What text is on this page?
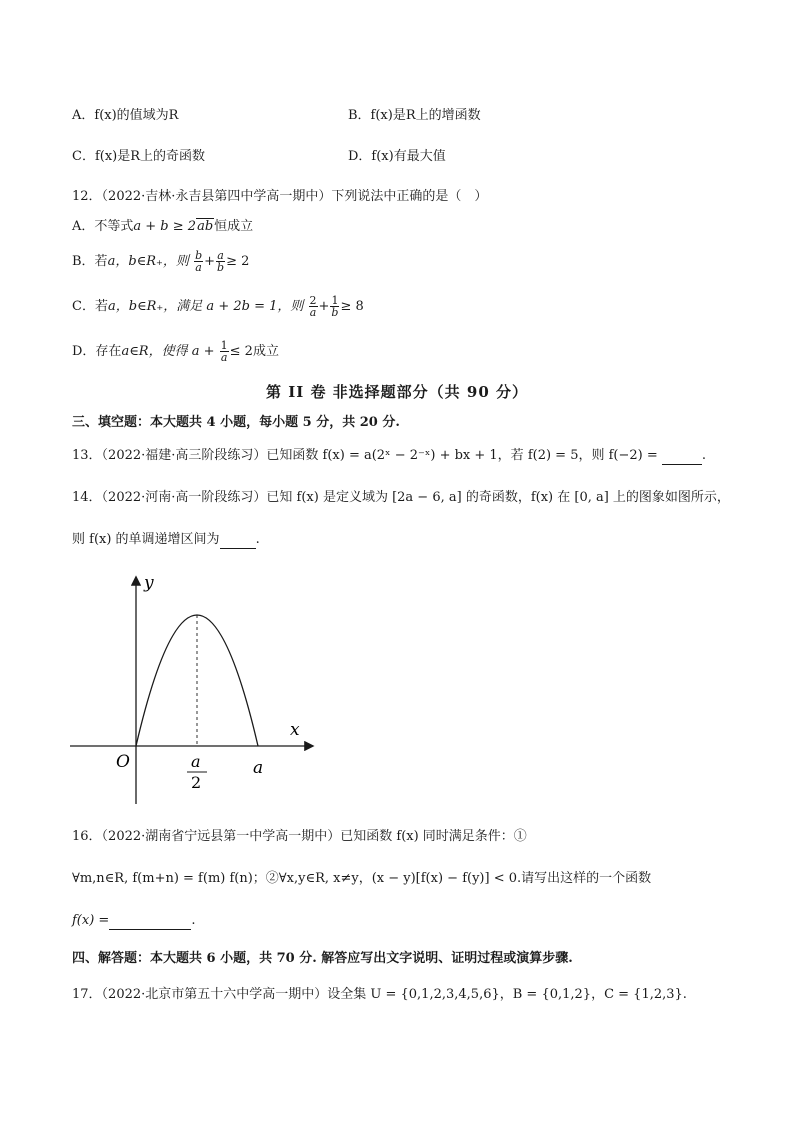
A．f(x)的值域为R	B．f(x)是R上的增函数
C．f(x)是R上的奇函数	D．f(x)有最大值
12．（2022·吉林·永吉县第四中学高一期中）下列说法中正确的是（　）
A．不等式a + b ≥ 2ab恒成立
B．若a，b∈R₊，则 $\frac{b}{a} + \frac{a}{b} \ge 2$
C．若a，b∈R₊，满足 a + 2b = 1，则 $\frac{2}{a} + \frac{1}{b} \ge 8$
D．存在a∈R，使得 $a + \frac{1}{a} \le 2$成立
第 II 卷 非选择题部分（共 90 分）
三、填空题：本大题共 4 小题，每小题 5 分，共 20 分.
13．（2022·福建·高三阶段练习）已知函数 f(x) = a(2ˣ − 2⁻ˣ) + bx + 1，若 f(2) = 5，则 f(−2) =	.
14．（2022·河南·高一阶段练习）已知 f(x) 是定义域为 [2a − 6, a] 的奇函数，f(x) 在 [0, a] 上的图象如图所示，
则 f(x) 的单调递增区间为	.
y
x
O	a
2
a
16．（2022·湖南省宁远县第一中学高一期中）已知函数 f(x) 同时满足条件：①
∀m,n∈R, f(m+n) = f(m) f(n)；②∀x,y∈R, x≠y，(x − y)[f(x) − f(y)] < 0.请写出这样的一个函数
f(x) =	.
四、解答题：本大题共 6 小题，共 70 分. 解答应写出文字说明、证明过程或演算步骤.
17．（2022·北京市第五十六中学高一期中）设全集 U = {0,1,2,3,4,5,6}，B = {0,1,2}，C = {1,2,3}.
